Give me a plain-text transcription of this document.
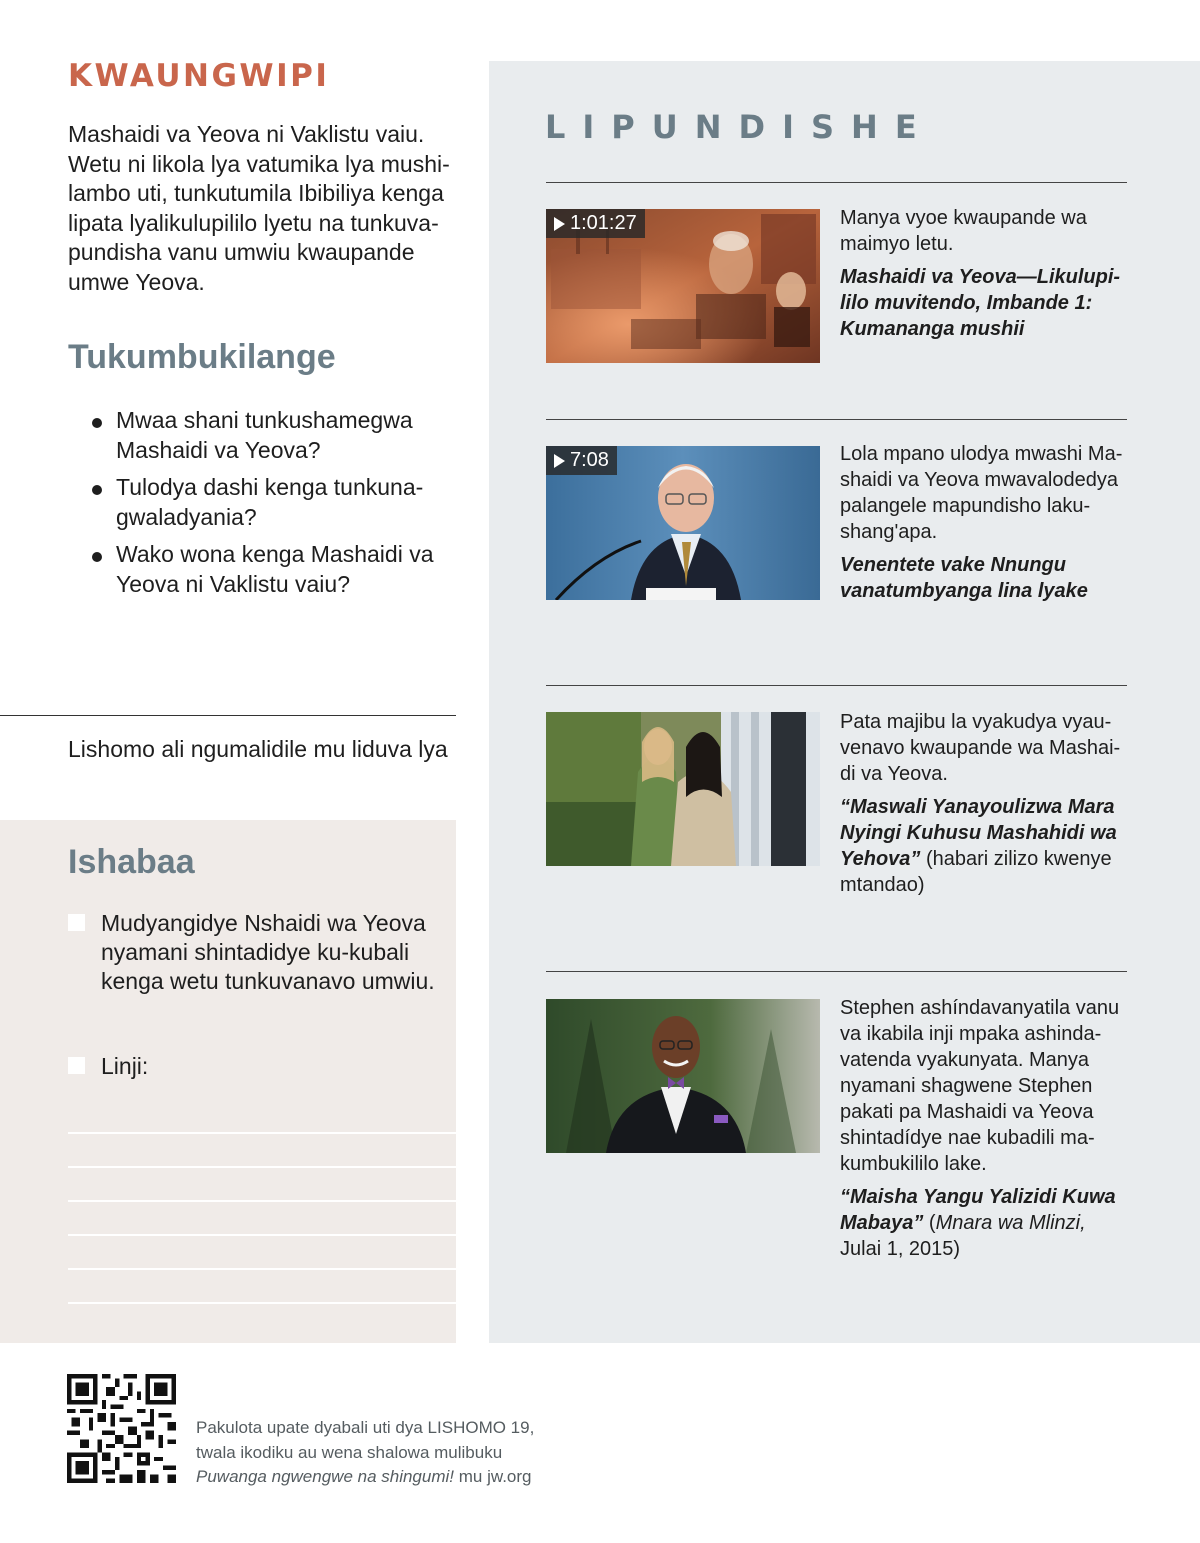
KWAUNGWIPI

Mashaidi va Yeova ni Vaklistu vaiu. Wetu ni likola lya vatumika lya mushi-lambo uti, tunkutumila Ibibiliya kenga lipata lyalikulupililo lyetu na tunkuva-pundisha vanu umwiu kwaupande umwe Yeova.

Tukumbukilange
Mwaa shani tunkushamegwa Mashaidi va Yeova?
Tulodya dashi kenga tunkuna-gwaladyania?
Wako wona kenga Mashaidi va Yeova ni Vaklistu vaiu?
Lishomo ali ngumalidile mu liduva lya
Ishabaa
Mudyangidye Nshaidi wa Yeova nyamani shintadidye ku-kubali kenga wetu tunkuvanavo umwiu.
Linji:
LIPUNDISHE
1:01:27	Manya vyoe kwaupande wa maimyo letu.
Mashaidi va Yeova—Likulupi-lilo muvitendo, Imbande 1: Kumananga mushii
7:08	Lola mpano ulodya mwashi Ma-shaidi va Yeova mwavalodedya palangele mapundisho laku-shang'apa.
Venentete vake Nnungu vanatumbyanga lina lyake
Pata majibu la vyakudya vyau-venavo kwaupande wa Mashai-di va Yeova.
“Maswali Yanayoulizwa Mara Nyingi Kuhusu Mashahidi wa Yehova” (habari zilizo kwenye mtandao)
Stephen ashíndavanyatila vanu va ikabila inji mpaka ashinda-vatenda vyakunyata. Manya nyamani shagwene Stephen pakati pa Mashaidi va Yeova shintadídye nae kubadili ma-kumbukililo lake.
“Maisha Yangu Yalizidi Kuwa Mabaya” (Mnara wa Mlinzi, Julai 1, 2015)
Pakulota upate dyabali uti dya LISHOMO 19,
twala ikodiku au wena shalowa mulibuku
Puwanga ngwengwe na shingumi! mu jw.org
